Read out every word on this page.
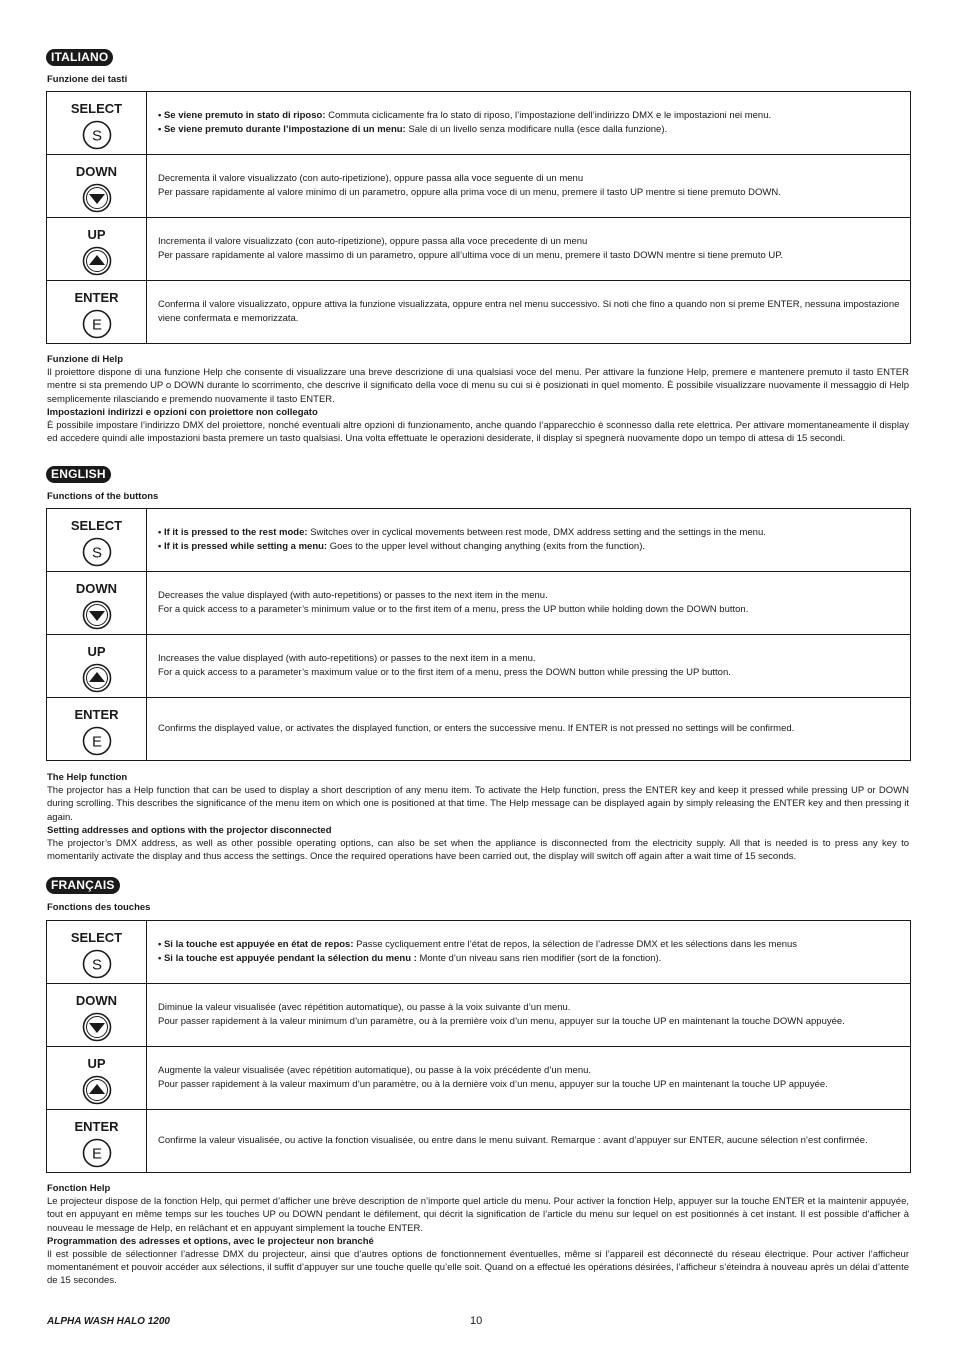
ITALIANO
Funzione dei tasti
SELECT
S	• Se viene premuto in stato di riposo: Commuta ciclicamente fra lo stato di riposo, l’impostazione dell’indirizzo DMX e le impostazioni nei menu.
• Se viene premuto durante l’impostazione di un menu: Sale di un livello senza modificare nulla (esce dalla funzione).

DOWN	Decrementa il valore visualizzato (con auto-ripetizione), oppure passa alla voce seguente di un menu
Per passare rapidamente al valore minimo di un parametro, oppure alla prima voce di un menu, premere il tasto UP mentre si tiene premuto DOWN.

UP	Incrementa il valore visualizzato (con auto-ripetizione), oppure passa alla voce precedente di un menu
Per passare rapidamente al valore massimo di un parametro, oppure all’ultima voce di un menu, premere il tasto DOWN mentre si tiene premuto UP.

ENTER
E	Conferma il valore visualizzato, oppure attiva la funzione visualizzata, oppure entra nel menu successivo. Si noti che fino a quando non si preme ENTER, nessuna impostazione viene confermata e memorizzata.
Funzione di Help
Il proiettore dispone di una funzione Help che consente di visualizzare una breve descrizione di una qualsiasi voce del menu. Per attivare la funzione Help, premere e mantenere premuto il tasto ENTER mentre si sta premendo UP o DOWN durante lo scorrimento, che descrive il significato della voce di menu su cui si è posizionati in quel momento. È possibile visualizzare nuovamente il messaggio di Help semplicemente rilasciando e premendo nuovamente il tasto ENTER.
Impostazioni indirizzi e opzioni con proiettore non collegato
È possibile impostare l’indirizzo DMX del proiettore, nonché eventuali altre opzioni di funzionamento, anche quando l’apparecchio è sconnesso dalla rete elettrica. Per attivare momentaneamente il display ed accedere quindi alle impostazioni basta premere un tasto qualsiasi. Una volta effettuate le operazioni desiderate, il display si spegnerà nuovamente dopo un tempo di attesa di 15 secondi.
ENGLISH
Functions of the buttons
SELECT
S	• If it is pressed to the rest mode: Switches over in cyclical movements between rest mode, DMX address setting and the settings in the menu.
• If it is pressed while setting a menu: Goes to the upper level without changing anything (exits from the function).

DOWN	Decreases the value displayed (with auto-repetitions) or passes to the next item in the menu.
For a quick access to a parameter’s minimum value or to the first item of a menu, press the UP button while holding down the DOWN button.

UP	Increases the value displayed (with auto-repetitions) or passes to the next item in a menu.
For a quick access to a parameter’s maximum value or to the first item of a menu, press the DOWN button while pressing the UP button.

ENTER
E	Confirms the displayed value, or activates the displayed function, or enters the successive menu. If ENTER is not pressed no settings will be confirmed.
The Help function
The projector has a Help function that can be used to display a short description of any menu item. To activate the Help function, press the ENTER key and keep it pressed while pressing UP or DOWN during scrolling. This describes the significance of the menu item on which one is positioned at that time. The Help message can be displayed again by simply releasing the ENTER key and then pressing it again.
Setting addresses and options with the projector disconnected
The projector’s DMX address, as well as other possible operating options, can also be set when the appliance is disconnected from the electricity supply. All that is needed is to press any key to momentarily activate the display and thus access the settings. Once the required operations have been carried out, the display will switch off again after a wait time of 15 seconds.
FRANÇAIS
Fonctions des touches
SELECT
S	• Si la touche est appuyée en état de repos: Passe cycliquement entre l’état de repos, la sélection de l’adresse DMX et les sélections dans les menus
• Si la touche est appuyée pendant la sélection du menu : Monte d’un niveau sans rien modifier (sort de la fonction).

DOWN	Diminue la valeur visualisée (avec répétition automatique), ou passe à la voix suivante d’un menu.
Pour passer rapidement à la valeur minimum d’un paramètre, ou à la première voix d’un menu, appuyer sur la touche UP en maintenant la touche DOWN appuyée.

UP	Augmente la valeur visualisée (avec répétition automatique), ou passe à la voix précédente d’un menu.
Pour passer rapidement à la valeur maximum d’un paramètre, ou à la dernière voix d’un menu, appuyer sur la touche UP en maintenant la touche UP appuyée.

ENTER
E	Confirme la valeur visualisée, ou active la fonction visualisée, ou entre dans le menu suivant. Remarque : avant d’appuyer sur ENTER, aucune sélection n’est confirmée.
Fonction Help
Le projecteur dispose de la fonction Help, qui permet d’afficher une brève description de n’importe quel article du menu. Pour activer la fonction Help, appuyer sur la touche ENTER et la maintenir appuyée, tout en appuyant en même temps sur les touches UP ou DOWN pendant le défilement, qui décrit la signification de l’article du menu sur lequel on est positionnés à cet instant. Il est possible d’afficher à nouveau le message de Help, en relâchant et en appuyant simplement la touche ENTER.
Programmation des adresses et options, avec le projecteur non branché
Il est possible de sélectionner l’adresse DMX du projecteur, ainsi que d’autres options de fonctionnement éventuelles, même si l’appareil est déconnecté du réseau électrique. Pour activer l’afficheur momentanément et pouvoir accéder aux sélections, il suffit d’appuyer sur une touche quelle qu’elle soit. Quand on a effectué les opérations désirées, l’afficheur s’éteindra à nouveau après un délai d’attente de 15 secondes.
ALPHA WASH HALO 1200	10
